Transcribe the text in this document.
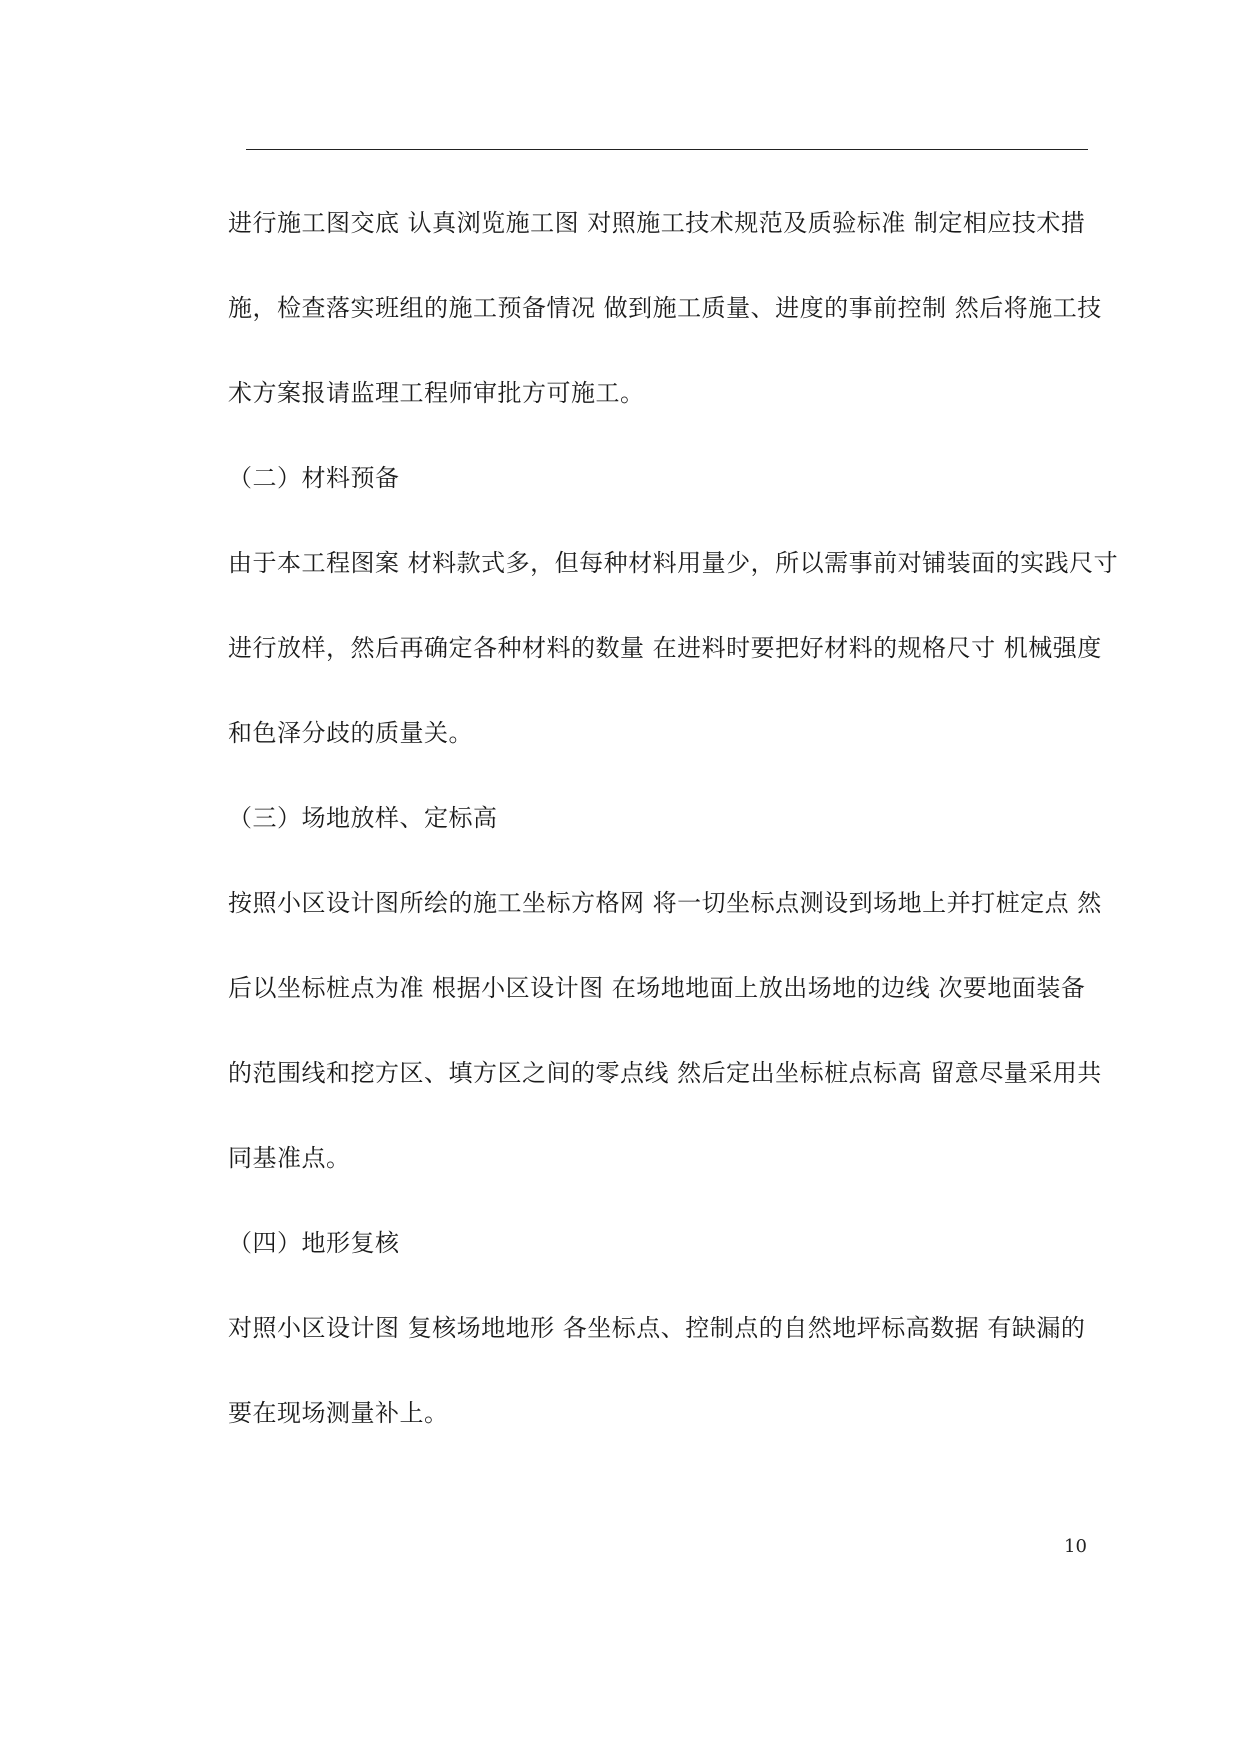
进行施工图交底 认真浏览施工图 对照施工技术规范及质验标准 制定相应技术措
施，检查落实班组的施工预备情况 做到施工质量、进度的事前控制 然后将施工技
术方案报请监理工程师审批方可施工。
（二）材料预备
由于本工程图案 材料款式多，但每种材料用量少，所以需事前对铺装面的实践尺寸
进行放样，然后再确定各种材料的数量 在进料时要把好材料的规格尺寸 机械强度
和色泽分歧的质量关。
（三）场地放样、定标高
按照小区设计图所绘的施工坐标方格网 将一切坐标点测设到场地上并打桩定点 然
后以坐标桩点为准 根据小区设计图 在场地地面上放出场地的边线 次要地面装备
的范围线和挖方区、填方区之间的零点线 然后定出坐标桩点标高 留意尽量采用共
同基准点。
（四）地形复核
对照小区设计图 复核场地地形 各坐标点、控制点的自然地坪标高数据 有缺漏的
要在现场测量补上。
10
